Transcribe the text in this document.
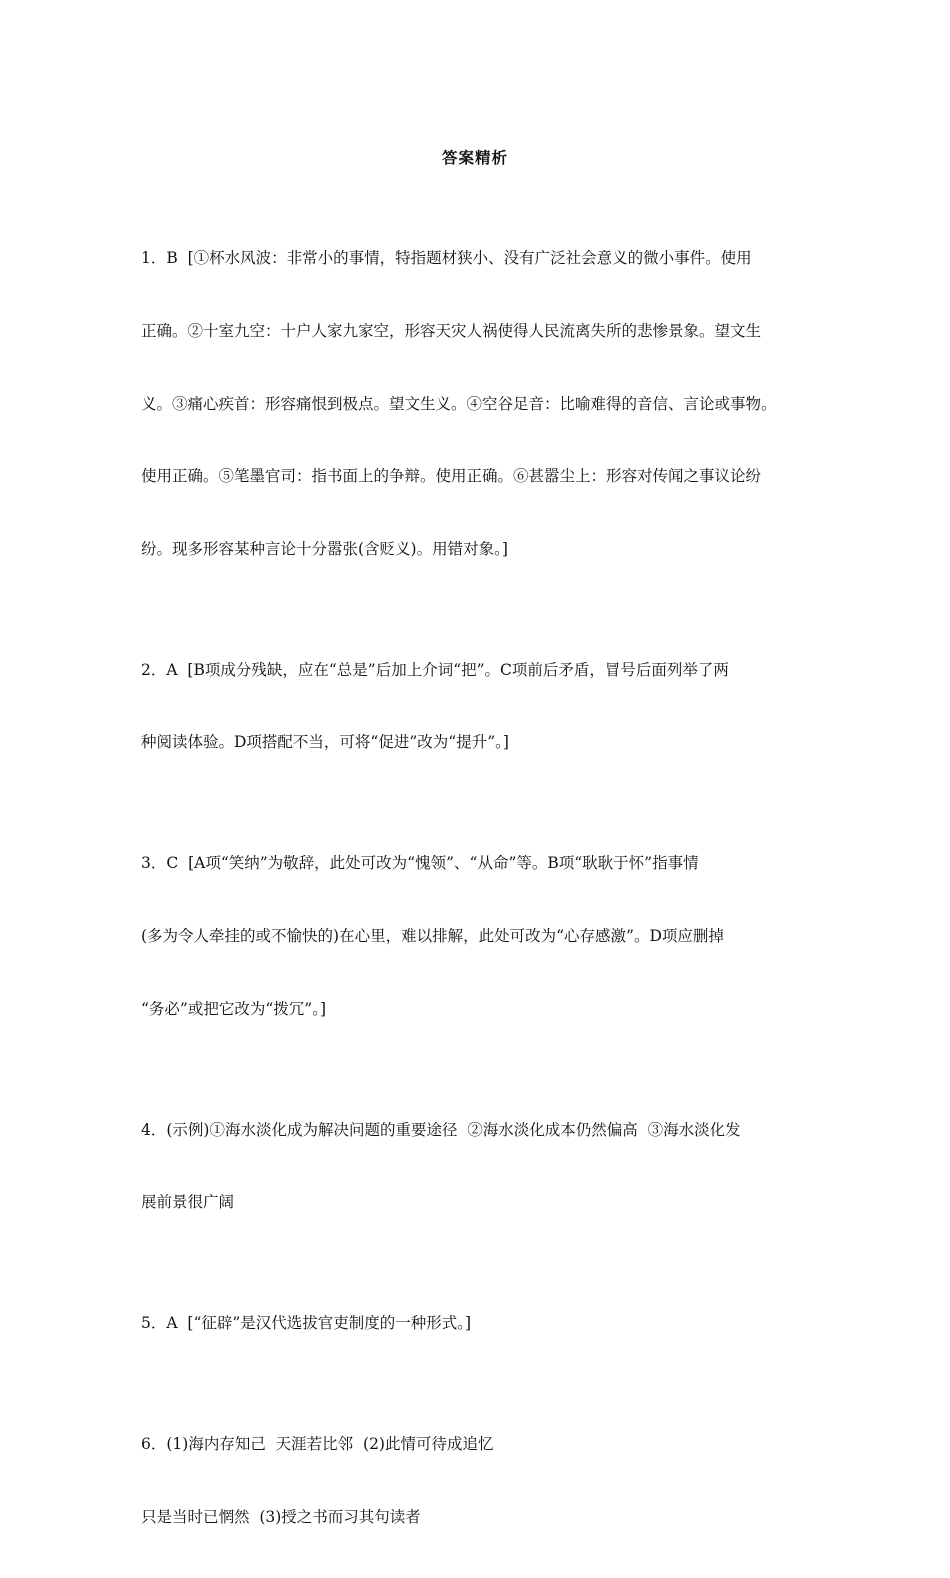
答案精析

1．B  [①杯水风波：非常小的事情，特指题材狭小、没有广泛社会意义的微小事件。使用

正确。②十室九空：十户人家九家空，形容天灾人祸使得人民流离失所的悲惨景象。望文生

义。③痛心疾首：形容痛恨到极点。望文生义。④空谷足音：比喻难得的音信、言论或事物。

使用正确。⑤笔墨官司：指书面上的争辩。使用正确。⑥甚嚣尘上：形容对传闻之事议论纷

纷。现多形容某种言论十分嚣张(含贬义)。用错对象。]

2．A  [B项成分残缺，应在“总是”后加上介词“把”。C项前后矛盾，冒号后面列举了两

种阅读体验。D项搭配不当，可将“促进”改为“提升”。]

3．C  [A项“笑纳”为敬辞，此处可改为“愧领”、“从命”等。B项“耿耿于怀”指事情

(多为令人牵挂的或不愉快的)在心里，难以排解，此处可改为“心存感激”。D项应删掉

“务必”或把它改为“拨冗”。]

4．(示例)①海水淡化成为解决问题的重要途径  ②海水淡化成本仍然偏高  ③海水淡化发

展前景很广阔

5．A  [“征辟”是汉代选拔官吏制度的一种形式。]

6．(1)海内存知己  天涯若比邻  (2)此情可待成追忆

只是当时已惘然  (3)授之书而习其句读者
